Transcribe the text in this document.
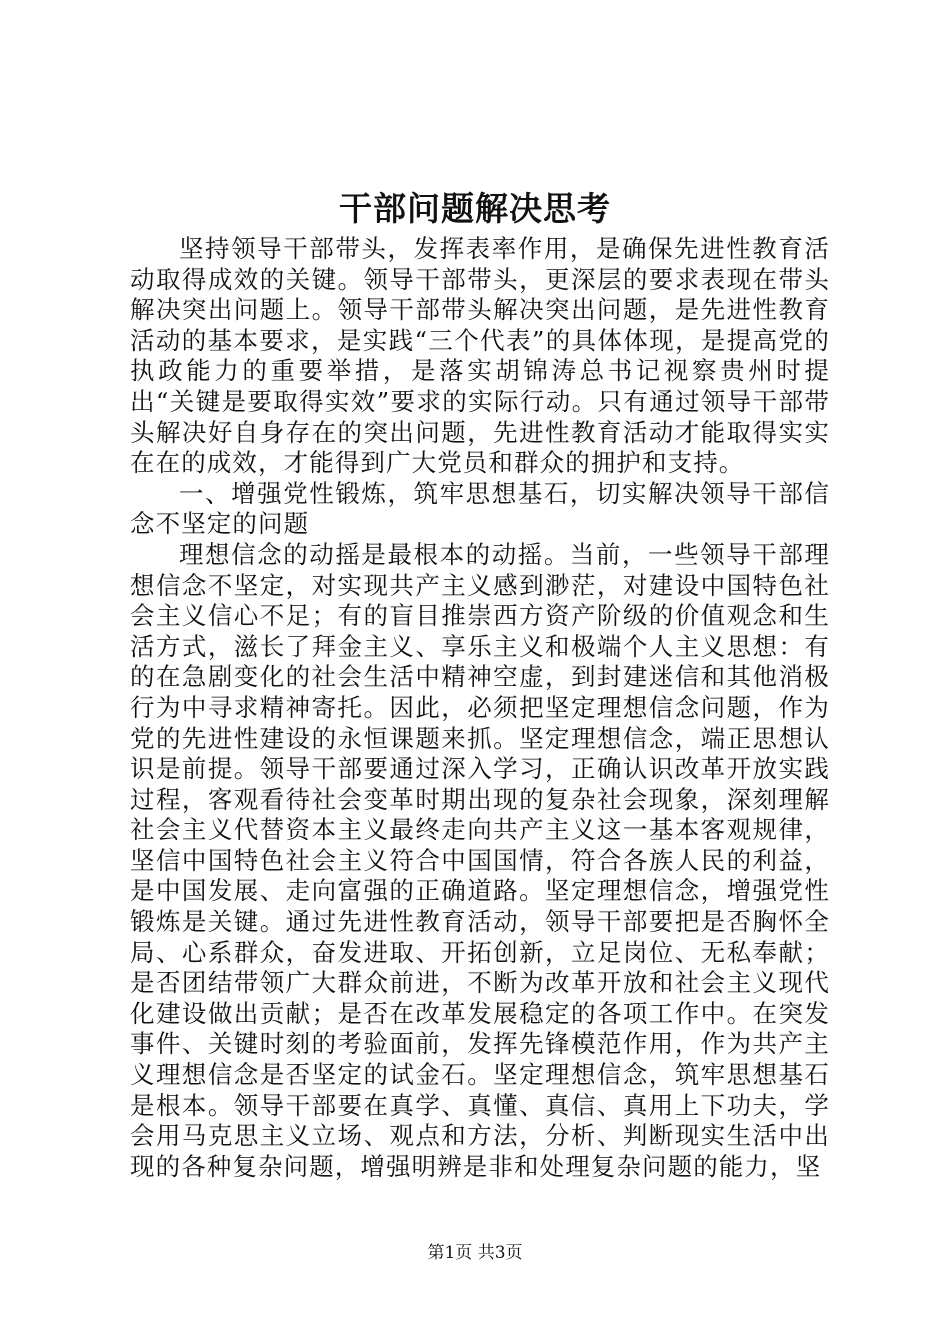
干部问题解决思考

坚持领导干部带头，发挥表率作用，是确保先进性教育活动取得成效的关键。领导干部带头，更深层的要求表现在带头解决突出问题上。领导干部带头解决突出问题，是先进性教育活动的基本要求，是实践“三个代表”的具体体现，是提高党的执政能力的重要举措，是落实胡锦涛总书记视察贵州时提出“关键是要取得实效”要求的实际行动。只有通过领导干部带头解决好自身存在的突出问题，先进性教育活动才能取得实实在在的成效，才能得到广大党员和群众的拥护和支持。

一、增强党性锻炼，筑牢思想基石，切实解决领导干部信念不坚定的问题

理想信念的动摇是最根本的动摇。当前，一些领导干部理想信念不坚定，对实现共产主义感到渺茫，对建设中国特色社会主义信心不足；有的盲目推崇西方资产阶级的价值观念和生活方式，滋长了拜金主义、享乐主义和极端个人主义思想：有的在急剧变化的社会生活中精神空虚，到封建迷信和其他消极行为中寻求精神寄托。因此，必须把坚定理想信念问题，作为党的先进性建设的永恒课题来抓。坚定理想信念，端正思想认识是前提。领导干部要通过深入学习，正确认识改革开放实践过程，客观看待社会变革时期出现的复杂社会现象，深刻理解社会主义代替资本主义最终走向共产主义这一基本客观规律，坚信中国特色社会主义符合中国国情，符合各族人民的利益，是中国发展、走向富强的正确道路。坚定理想信念，增强党性锻炼是关键。通过先进性教育活动，领导干部要把是否胸怀全局、心系群众，奋发进取、开拓创新，立足岗位、无私奉献；是否团结带领广大群众前进，不断为改革开放和社会主义现代化建设做出贡献；是否在改革发展稳定的各项工作中。在突发事件、关键时刻的考验面前，发挥先锋模范作用，作为共产主义理想信念是否坚定的试金石。坚定理想信念，筑牢思想基石是根本。领导干部要在真学、真懂、真信、真用上下功夫，学会用马克思主义立场、观点和方法，分析、判断现实生活中出现的各种复杂问题，增强明辨是非和处理复杂问题的能力，坚

第1页 共3页
